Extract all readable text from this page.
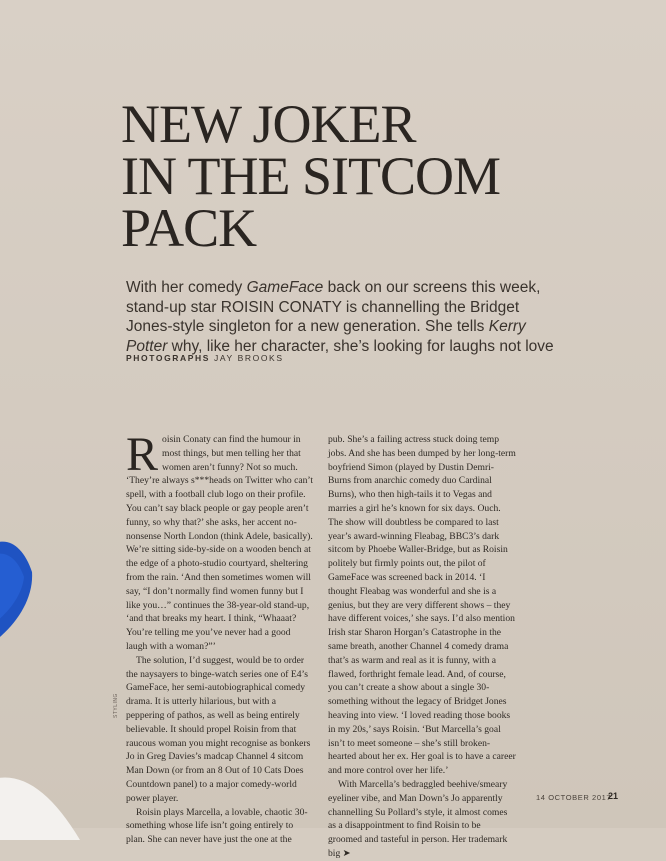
NEW JOKER
IN THE SITCOM
PACK

With her comedy GameFace back on our screens this week, stand-up star ROISIN CONATY is channelling the Bridget Jones-style singleton for a new generation. She tells Kerry Potter why, like her character, she’s looking for laughs not love

PHOTOGRAPHS JAY BROOKS

Roisin Conaty can find the humour in most things, but men telling her that women aren’t funny? Not so much. ‘They’re always s***heads on Twitter who can’t spell, with a football club logo on their profile. You can’t say black people or gay people aren’t funny, so why that?’ she asks, her accent no-nonsense North London (think Adele, basically). We’re sitting side-by-side on a wooden bench at the edge of a photo-studio courtyard, sheltering from the rain. ‘And then sometimes women will say, “I don’t normally find women funny but I like you…” continues the 38-year-old stand-up, ‘and that breaks my heart. I think, “Whaaat? You’re telling me you’ve never had a good laugh with a woman?”’

The solution, I’d suggest, would be to order the naysayers to binge-watch series one of E4’s GameFace, her semi-autobiographical comedy drama. It is utterly hilarious, but with a peppering of pathos, as well as being entirely believable. It should propel Roisin from that raucous woman you might recognise as bonkers Jo in Greg Davies’s madcap Channel 4 sitcom Man Down (or from an 8 Out of 10 Cats Does Countdown panel) to a major comedy-world power player.

Roisin plays Marcella, a lovable, chaotic 30-something whose life isn’t going entirely to plan. She can never have just the one at the

pub. She’s a failing actress stuck doing temp jobs. And she has been dumped by her long-term boyfriend Simon (played by Dustin Demri-Burns from anarchic comedy duo Cardinal Burns), who then high-tails it to Vegas and marries a girl he’s known for six days. Ouch. The show will doubtless be compared to last year’s award-winning Fleabag, BBC3’s dark sitcom by Phoebe Waller-Bridge, but as Roisin politely but firmly points out, the pilot of GameFace was screened back in 2014. ‘I thought Fleabag was wonderful and she is a genius, but they are very different shows – they have different voices,’ she says. I’d also mention Irish star Sharon Horgan’s Catastrophe in the same breath, another Channel 4 comedy drama that’s as warm and real as it is funny, with a flawed, forthright female lead. And, of course, you can’t create a show about a single 30-something without the legacy of Bridget Jones heaving into view. ‘I loved reading those books in my 20s,’ says Roisin. ‘But Marcella’s goal isn’t to meet someone – she’s still broken-hearted about her ex. Her goal is to have a career and more control over her life.’

With Marcella’s bedraggled beehive/smeary eyeliner vibe, and Man Down’s Jo apparently channelling Su Pollard’s style, it almost comes as a disappointment to find Roisin to be groomed and tasteful in person. Her trademark big ➤

STYLING
14 OCTOBER 2017
21
